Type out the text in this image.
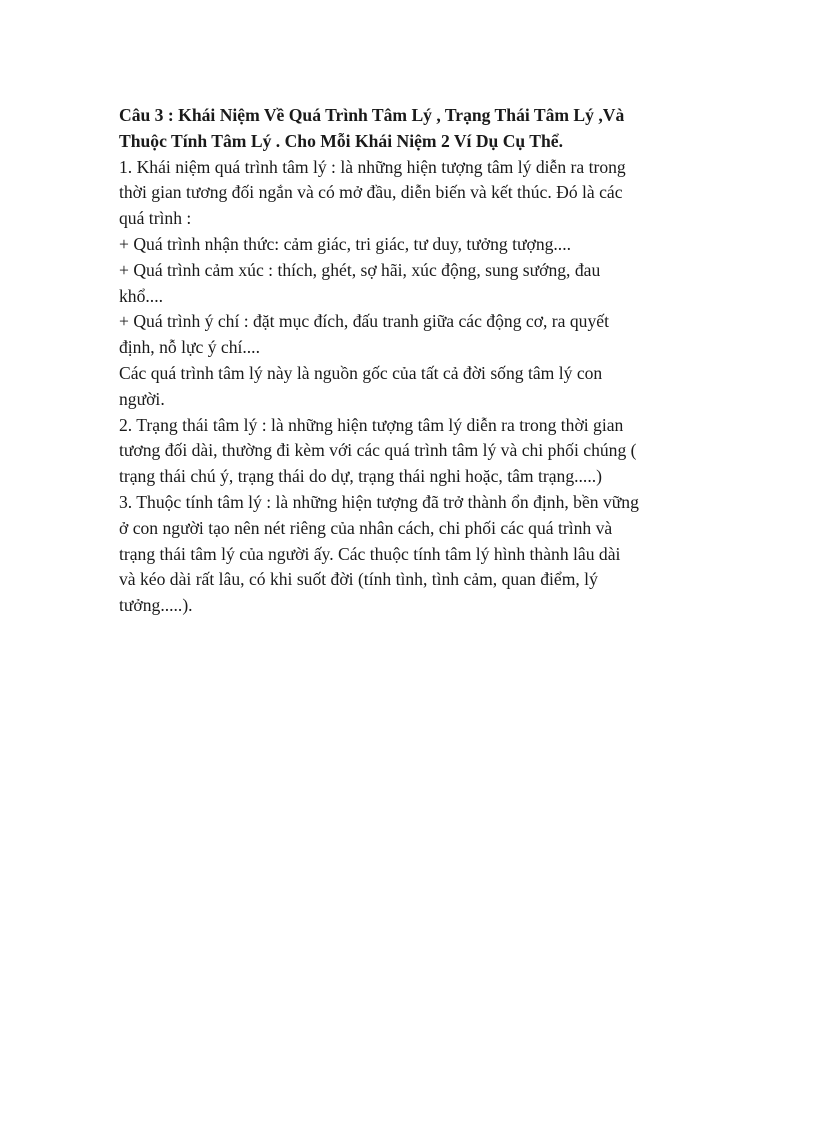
Câu 3 : Khái Niệm Về Quá Trình Tâm Lý , Trạng Thái Tâm Lý ,Và

Thuộc Tính Tâm Lý . Cho Mỗi Khái Niệm 2 Ví Dụ Cụ Thể.

1. Khái niệm quá trình tâm lý : là những hiện tượng tâm lý diễn ra trong

thời gian tương đối ngắn và có mở đầu, diễn biến và kết thúc. Đó là các

quá trình :

+ Quá trình nhận thức: cảm giác, tri giác, tư duy, tưởng tượng....

+ Quá trình cảm xúc : thích, ghét, sợ hãi, xúc động, sung sướng, đau

khổ....

+ Quá trình ý chí : đặt mục đích, đấu tranh giữa các động cơ, ra quyết

định, nỗ lực ý chí....

Các quá trình tâm lý này là nguồn gốc của tất cả đời sống tâm lý con

người.

2. Trạng thái tâm lý : là những hiện tượng tâm lý diễn ra trong thời gian

tương đối dài, thường đi kèm với các quá trình tâm lý và chi phối chúng (

trạng thái chú ý, trạng thái do dự, trạng thái nghi hoặc, tâm trạng.....)

3. Thuộc tính tâm lý : là những hiện tượng đã trở thành ổn định, bền vững

ở con người tạo nên nét riêng của nhân cách, chi phối các quá trình và

trạng thái tâm lý của người ấy. Các thuộc tính tâm lý hình thành lâu dài

và kéo dài rất lâu, có khi suốt đời (tính tình, tình cảm, quan điểm, lý

tưởng.....).
